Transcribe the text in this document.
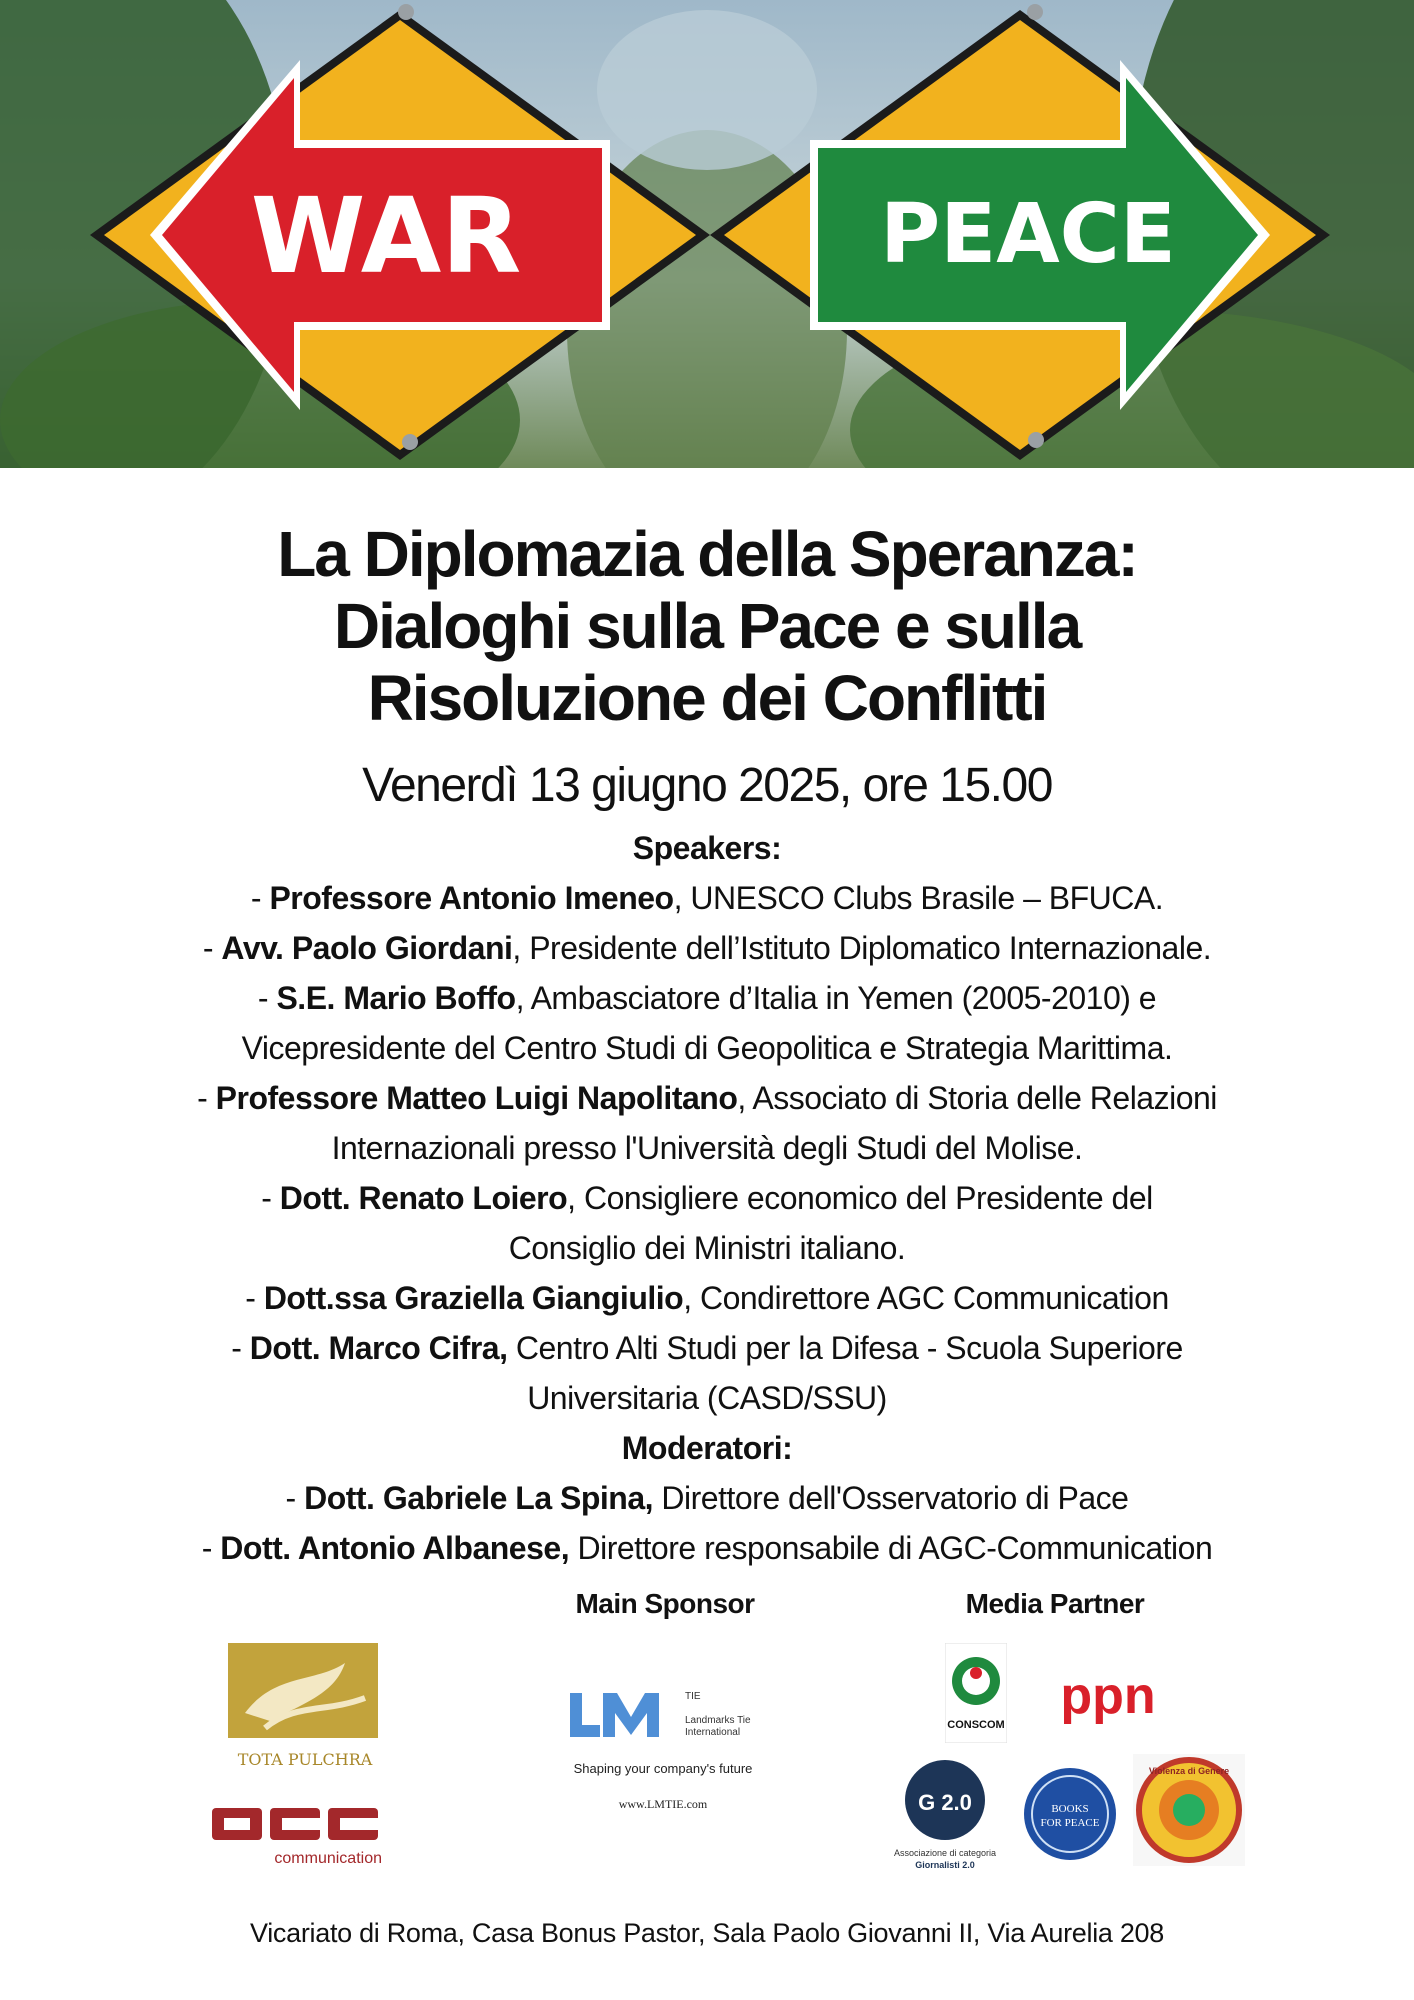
WAR	PEACE
La Diplomazia della Speranza:
Dialoghi sulla Pace e sulla
Risoluzione dei Conflitti
Venerdì 13 giugno 2025, ore 15.00
Speakers:
- Professore Antonio Imeneo, UNESCO Clubs Brasile – BFUCA.
- Avv. Paolo Giordani, Presidente dell’Istituto Diplomatico Internazionale.
- S.E. Mario Boffo, Ambasciatore d’Italia in Yemen (2005-2010) e
Vicepresidente del Centro Studi di Geopolitica e Strategia Marittima.
- Professore Matteo Luigi Napolitano, Associato di Storia delle Relazioni
Internazionali presso l'Università degli Studi del Molise.
- Dott. Renato Loiero, Consigliere economico del Presidente del
Consiglio dei Ministri italiano.
- Dott.ssa Graziella Giangiulio, Condirettore AGC Communication
- Dott. Marco Cifra, Centro Alti Studi per la Difesa - Scuola Superiore
Universitaria (CASD/SSU)
Moderatori:
- Dott. Gabriele La Spina, Direttore dell'Osservatorio di Pace
- Dott. Antonio Albanese, Direttore responsabile di AGC-Communication
Main Sponsor	Media Partner
TOTA PULCHRA
communication
TIE
Landmarks Tie
International
Shaping your company's future
www.LMTIE.com
CONSCOM ppn
G 2.0
Associazione di categoria
Giornalisti 2.0
BOOKS
FOR PEACE
Violenza di Genere
Vicariato di Roma, Casa Bonus Pastor, Sala Paolo Giovanni II, Via Aurelia 208
